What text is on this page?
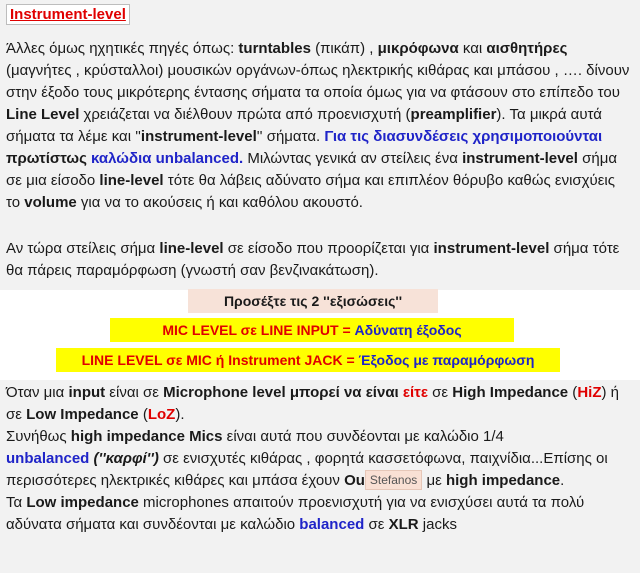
Instrument-level

Άλλες όμως ηχητικές πηγές όπως: turntables (πικάπ) , μικρόφωνα και αισθητήρες (μαγνήτες , κρύσταλλοι) μουσικών οργάνων-όπως ηλεκτρικής κιθάρας και μπάσου , …. δίνουν στην έξοδο τους μικρότερης έντασης σήματα τα οποία όμως για να φτάσουν στο επίπεδο του Line Level χρειάζεται να διέλθουν πρώτα από προενισχυτή (preamplifier). Τα μικρά αυτά σήματα τα λέμε και ''instrument-level'' σήματα. Για τις διασυνδέσεις χρησιμοποιούνται πρωτίστως καλώδια unbalanced. Μιλώντας γενικά αν στείλεις ένα instrument-level σήμα σε μια είσοδο line-level τότε θα λάβεις αδύνατο σήμα και επιπλέον θόρυβο καθώς ενισχύεις το volume για να το ακούσεις ή και καθόλου ακουστό.

Αν τώρα στείλεις σήμα line-level σε είσοδο που προορίζεται για instrument-level σήμα τότε θα πάρεις παραμόρφωση (γνωστή σαν βενζινακάτωση).

Προσέξτε τις 2 ''εξισώσεις''
MIC LEVEL σε LINE INPUT = Αδύνατη έξοδος
LINE LEVEL σε MIC ή Instrument JACK = Έξοδος με παραμόρφωση

Όταν μια input είναι σε Microphone level μπορεί να είναι είτε σε High Impedance (HiZ) ή σε Low Impedance (LoZ).
Συνήθως high impedance Mics είναι αυτά που συνδέονται με καλώδιο 1/4
unbalanced (''καρφί'') σε ενισχυτές κιθάρας , φορητά κασσετόφωνα, παιχνίδια...Επίσης οι περισσότερες ηλεκτρικές κιθάρες και μπάσα έχουν Ou Stefanos με high impedance.
Τα Low impedance microphones απαιτούν προενισχυτή για να ενισχύσει αυτά τα πολύ αδύνατα σήματα και συνδέονται με καλώδιο balanced σε XLR jacks
